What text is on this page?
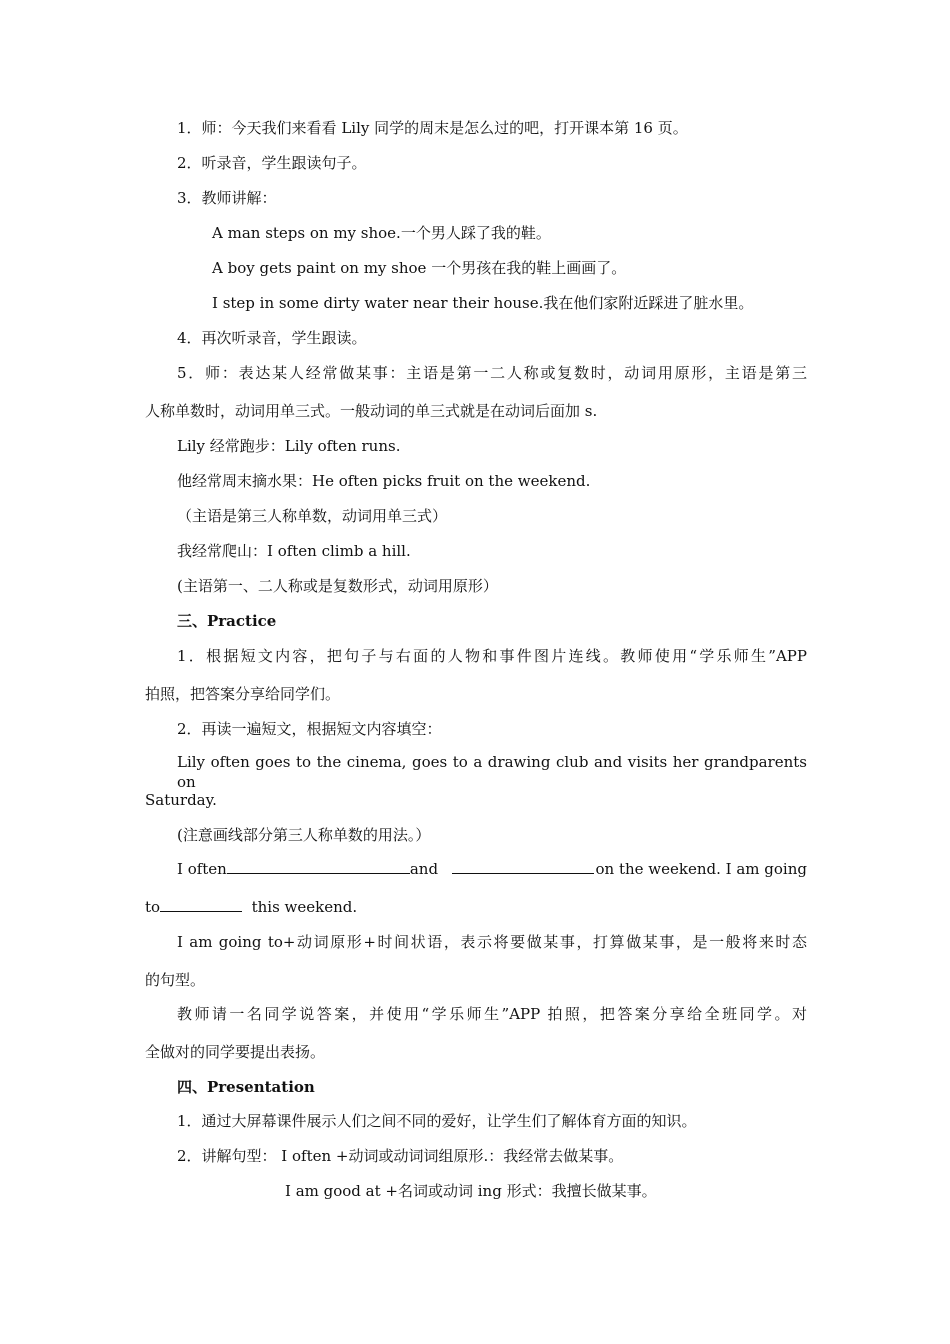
1．师：今天我们来看看 Lily 同学的周末是怎么过的吧，打开课本第 16 页。
2．听录音，学生跟读句子。
3．教师讲解：
A man steps on my shoe.一个男人踩了我的鞋。
A boy gets paint on my shoe 一个男孩在我的鞋上画画了。
I step in some dirty water near their house.我在他们家附近踩进了脏水里。
4．再次听录音，学生跟读。
5．师：表达某人经常做某事：主语是第一二人称或复数时，动词用原形，主语是第三
人称单数时，动词用单三式。一般动词的单三式就是在动词后面加 s.
Lily 经常跑步：Lily often runs.
他经常周末摘水果：He often picks fruit on the weekend.
（主语是第三人称单数，动词用单三式）
我经常爬山：I often climb a hill.
(主语第一、二人称或是复数形式，动词用原形）
三、Practice
1．根据短文内容，把句子与右面的人物和事件图片连线。教师使用“学乐师生”APP
拍照，把答案分享给同学们。
2．再读一遍短文，根据短文内容填空：
Lily often goes to the cinema, goes to a drawing club and visits her grandparents on
Saturday.
(注意画线部分第三人称单数的用法。）
I often	and	on the weekend. I am going
to	this weekend.
I am going to+动词原形+时间状语，表示将要做某事，打算做某事，是一般将来时态
的句型。
教师请一名同学说答案，并使用“学乐师生”APP 拍照，把答案分享给全班同学。对
全做对的同学要提出表扬。
四、Presentation
1．通过大屏幕课件展示人们之间不同的爱好，让学生们了解体育方面的知识。
2．讲解句型： I often +动词或动词词组原形.：我经常去做某事。
I am good at +名词或动词 ing 形式：我擅长做某事。
